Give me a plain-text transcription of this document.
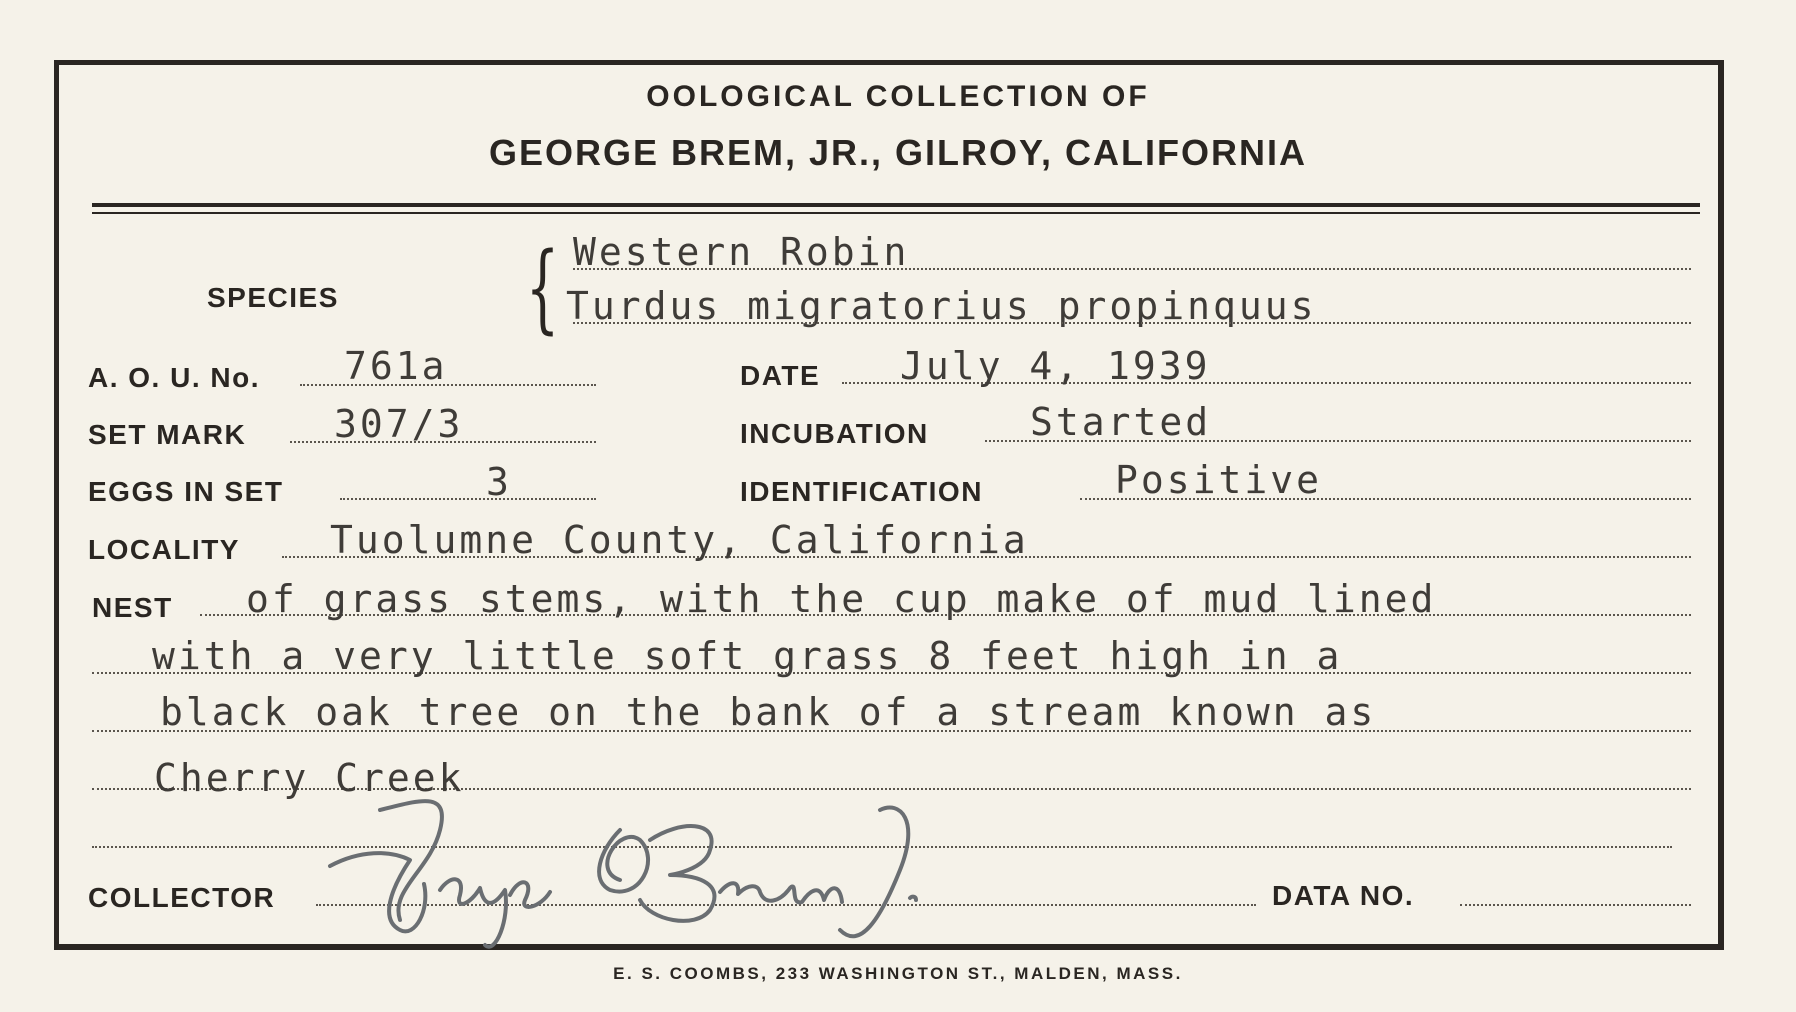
OOLOGICAL COLLECTION OF
GEORGE BREM, JR., GILROY, CALIFORNIA
SPECIES { Western Robin
Turdus migratorius propinquus
A. O. U. No. 761a	DATE July 4, 1939
SET MARK 307/3	INCUBATION	Started
EGGS IN SET	3	IDENTIFICATION	Positive
LOCALITY Tuolumne County, California
NEST of grass stems, with the cup make of mud lined
with a very little soft grass 8 feet high in a
black oak tree on the bank of a stream known as
Cherry Creek
COLLECTOR	DATA NO.
E. S. COOMBS, 233 WASHINGTON ST., MALDEN, MASS.
